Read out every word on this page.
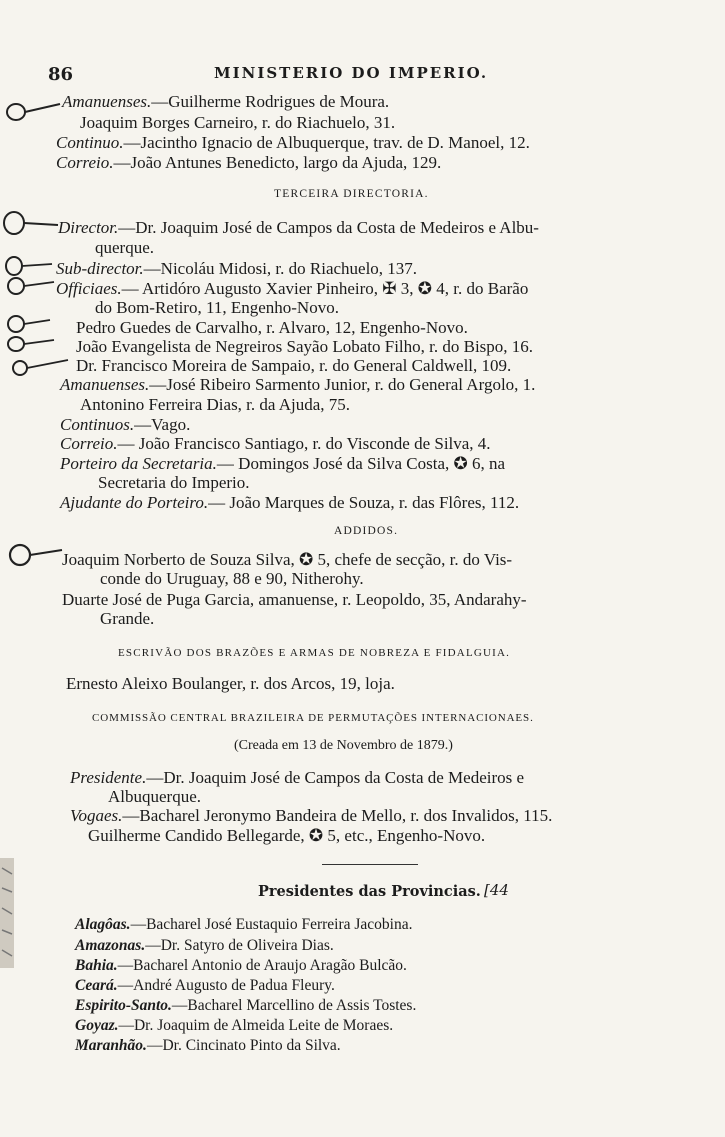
86	MINISTERIO DO IMPERIO.
Amanuenses.—Guilherme Rodrigues de Moura.
Joaquim Borges Carneiro, r. do Riachuelo, 31.
Continuo.—Jacintho Ignacio de Albuquerque, trav. de D. Manoel, 12.
Correio.—João Antunes Benedicto, largo da Ajuda, 129.
TERCEIRA DIRECTORIA.
Director.—Dr. Joaquim José de Campos da Costa de Medeiros e Albu-
querque.
Sub-director.—Nicoláu Midosi, r. do Riachuelo, 137.
Officiaes.— Artidóro Augusto Xavier Pinheiro, ✠ 3, ✪ 4, r. do Barão
do Bom-Retiro, 11, Engenho-Novo.
Pedro Guedes de Carvalho, r. Alvaro, 12, Engenho-Novo.
João Evangelista de Negreiros Sayão Lobato Filho, r. do Bispo, 16.
Dr. Francisco Moreira de Sampaio, r. do General Caldwell, 109.
Amanuenses.—José Ribeiro Sarmento Junior, r. do General Argolo, 1.
Antonino Ferreira Dias, r. da Ajuda, 75.
Continuos.—Vago.
Correio.— João Francisco Santiago, r. do Visconde de Silva, 4.
Porteiro da Secretaria.— Domingos José da Silva Costa, ✪ 6, na
Secretaria do Imperio.
Ajudante do Porteiro.— João Marques de Souza, r. das Flôres, 112.
ADDIDOS.
Joaquim Norberto de Souza Silva, ✪ 5, chefe de secção, r. do Vis-
conde do Uruguay, 88 e 90, Nitherohy.
Duarte José de Puga Garcia, amanuense, r. Leopoldo, 35, Andarahy-
Grande.
ESCRIVÃO DOS BRAZÕES E ARMAS DE NOBREZA E FIDALGUIA.
Ernesto Aleixo Boulanger, r. dos Arcos, 19, loja.
COMMISSÃO CENTRAL BRAZILEIRA DE PERMUTAÇÕES INTERNACIONAES.
(Creada em 13 de Novembro de 1879.)
Presidente.—Dr. Joaquim José de Campos da Costa de Medeiros e
Albuquerque.
Vogaes.—Bacharel Jeronymo Bandeira de Mello, r. dos Invalidos, 115.
Guilherme Candido Bellegarde, ✪ 5, etc., Engenho-Novo.
Presidentes das Provincias. [44
Alagôas.—Bacharel José Eustaquio Ferreira Jacobina.
Amazonas.—Dr. Satyro de Oliveira Dias.
Bahia.—Bacharel Antonio de Araujo Aragão Bulcão.
Ceará.—André Augusto de Padua Fleury.
Espirito-Santo.—Bacharel Marcellino de Assis Tostes.
Goyaz.—Dr. Joaquim de Almeida Leite de Moraes.
Maranhão.—Dr. Cincinato Pinto da Silva.
